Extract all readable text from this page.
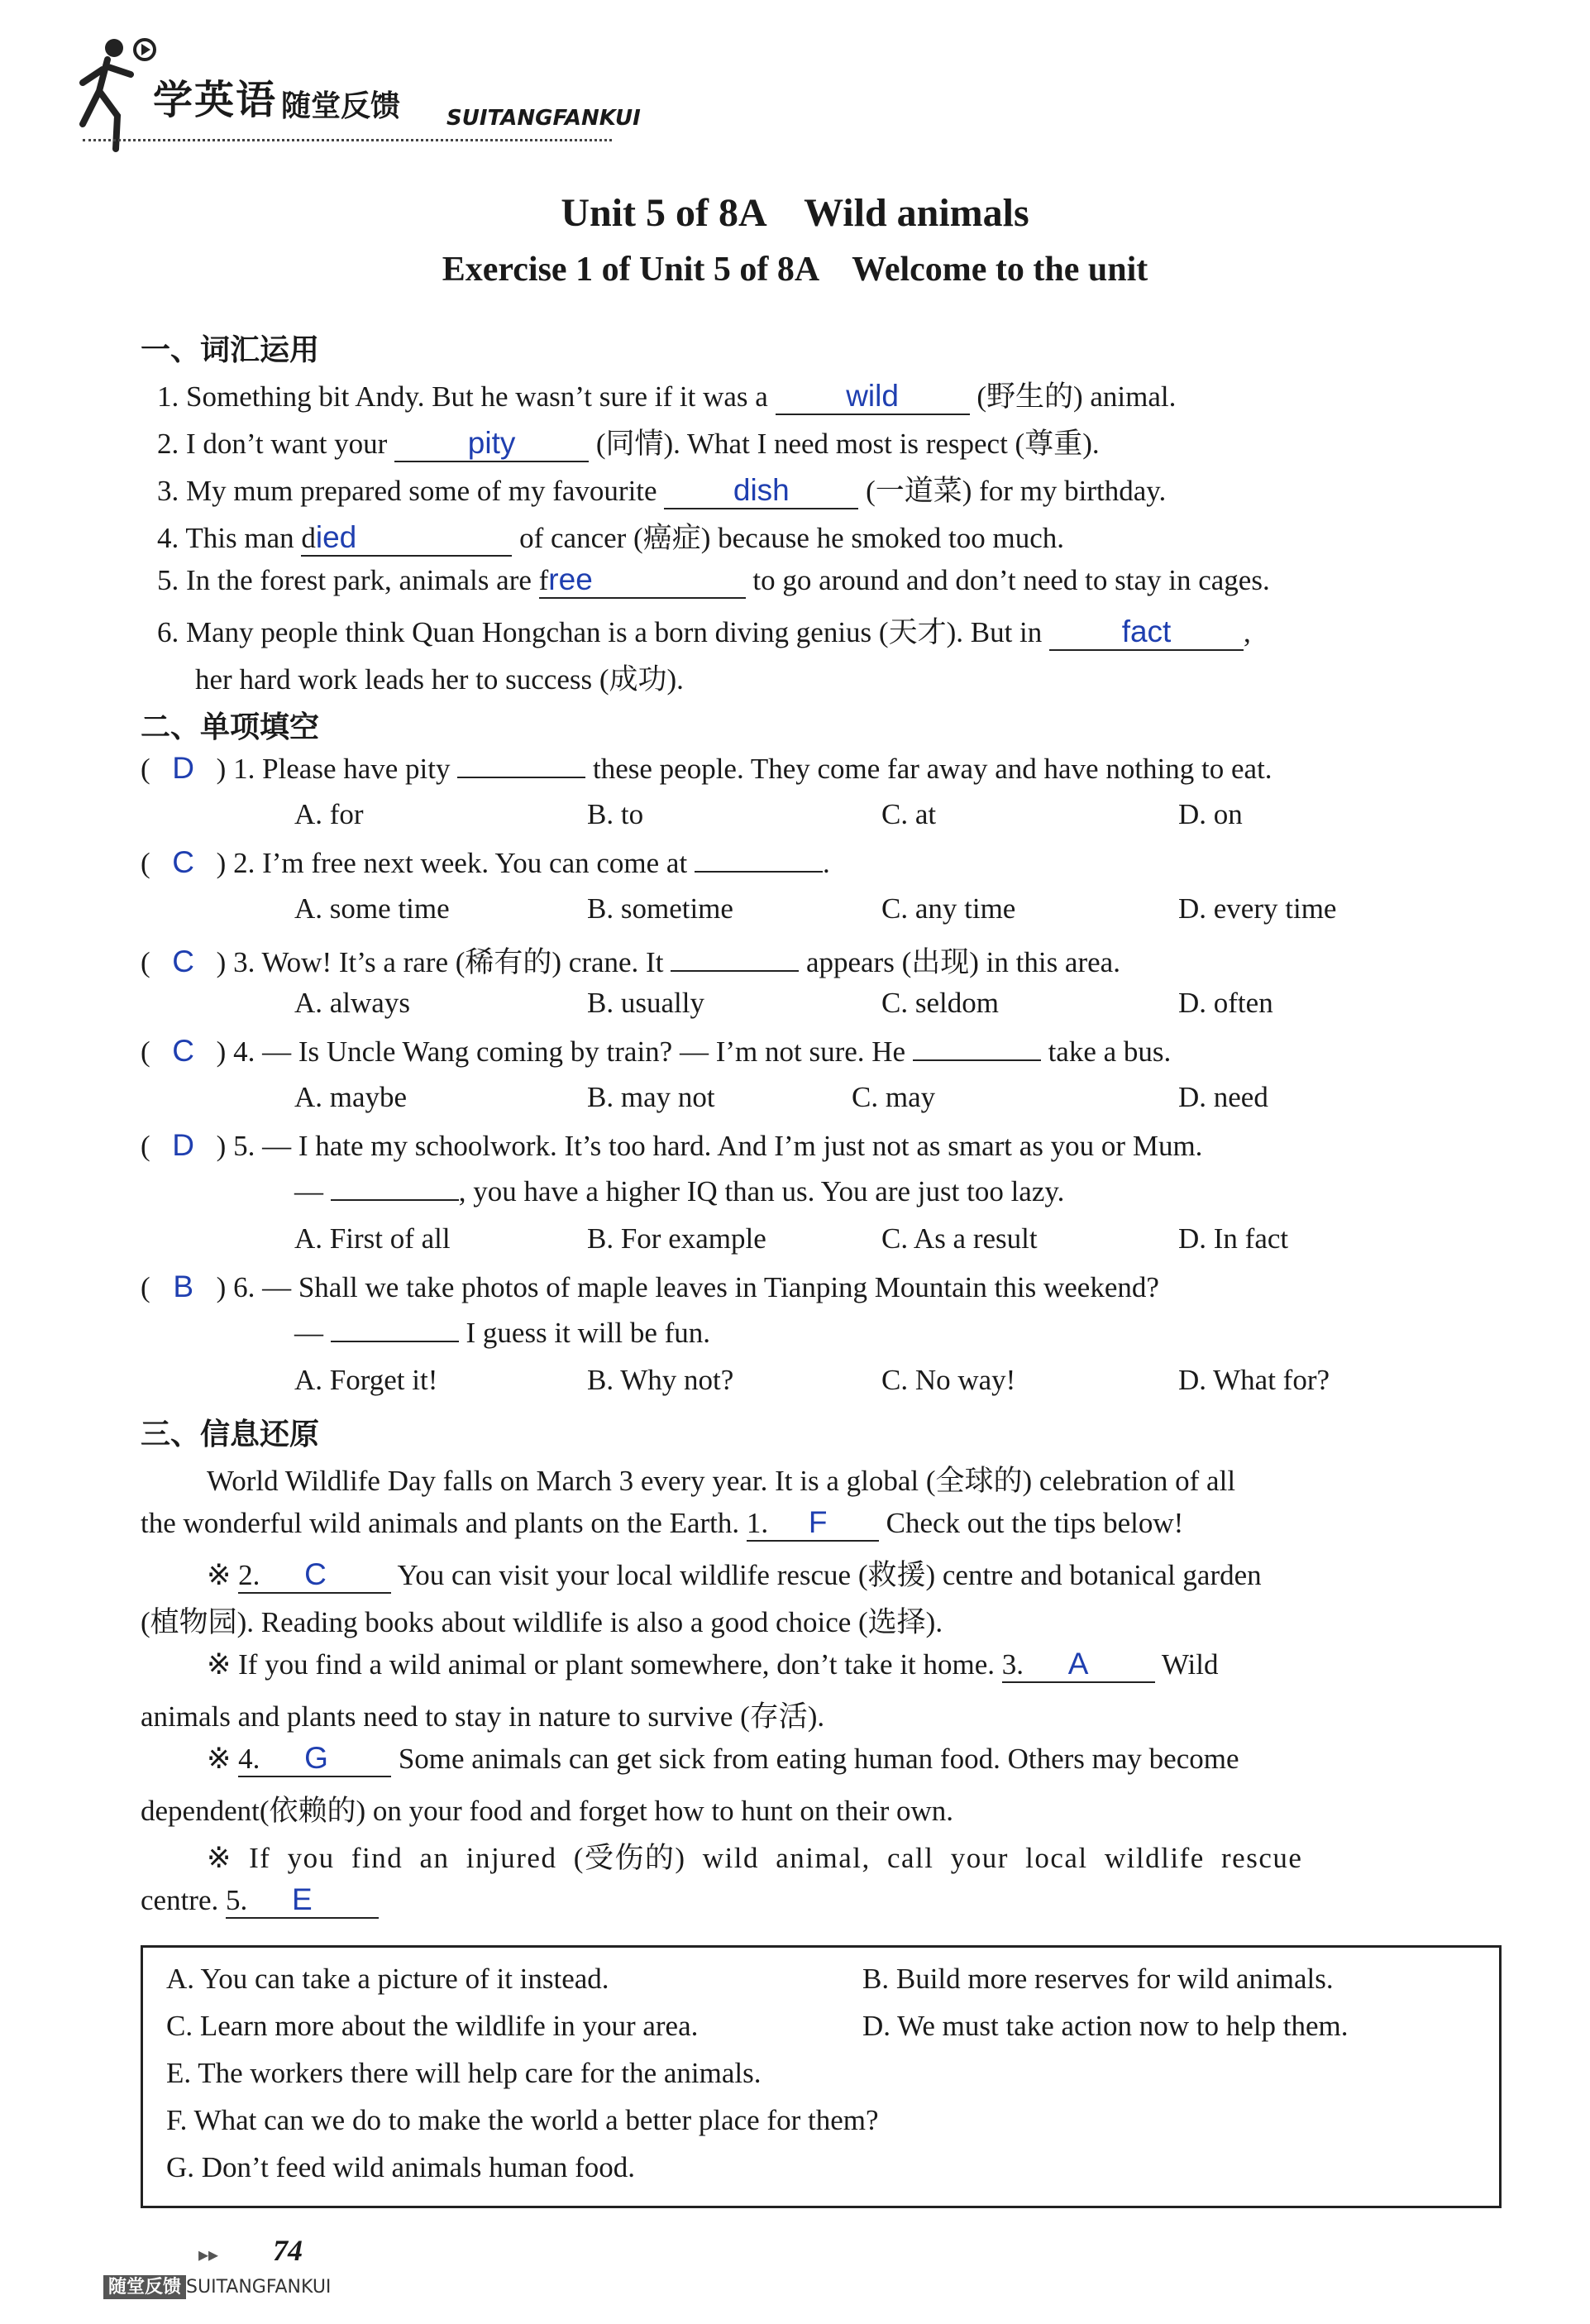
学英语 随堂反馈 SUITANGFANKUI
Unit 5 of 8A    Wild animals
Exercise 1 of Unit 5 of 8A    Welcome to the unit
一、词汇运用
1. Something bit Andy. But he wasn’t sure if it was a	wild	(野生的) animal.
2. I don’t want your	pity	(同情). What I need most is respect (尊重).
3. My mum prepared some of my favourite dish	(一道菜) for my birthday.
4. This man died	of cancer (癌症) because he smoked too much.
5. In the forest park, animals are free	to go around and don’t need to stay in cages.
6. Many people think Quan Hongchan is a born diving genius (天才). But in	fact	,
her hard work leads her to success (成功).
二、单项填空
( D ) 1. Please have pity	these people. They come far away and have nothing to eat.
A. for	B. to	C. at	D. on
( C ) 2. I’m free next week. You can come at	.
A. some time	B. sometime	C. any time	D. every time
( C ) 3. Wow! It’s a rare (稀有的) crane. It	appears (出现) in this area.
A. always	B. usually	C. seldom	D. often
( C ) 4. — Is Uncle Wang coming by train? — I’m not sure. He	take a bus.
A. maybe	B. may not	C. may	D. need
( D ) 5. — I hate my schoolwork. It’s too hard. And I’m just not as smart as you or Mum.
—	, you have a higher IQ than us. You are just too lazy.
A. First of all	B. For example	C. As a result	D. In fact
( B ) 6. — Shall we take photos of maple leaves in Tianping Mountain this weekend?
—	I guess it will be fun.
A. Forget it!	B. Why not?	C. No way!	D. What for?
三、信息还原
World Wildlife Day falls on March 3 every year. It is a global (全球的) celebration of all
the wonderful wild animals and plants on the Earth. 1. F Check out the tips below!
※ 2. C You can visit your local wildlife rescue (救援) centre and botanical garden
(植物园). Reading books about wildlife is also a good choice (选择).
※ If you find a wild animal or plant somewhere, don’t take it home. 3. A	Wild
animals and plants need to stay in nature to survive (存活).
※ 4. G Some animals can get sick from eating human food. Others may become
dependent(依赖的) on your food and forget how to hunt on their own.
※ If you find an injured (受伤的) wild animal, call your local wildlife rescue
centre. 5. E
A. You can take a picture of it instead.	B. Build more reserves for wild animals.
C. Learn more about the wildlife in your area.	D. We must take action now to help them.
E. The workers there will help care for the animals.
F. What can we do to make the world a better place for them?
G. Don’t feed wild animals human food.
▸▸ 74
随堂反馈 SUITANGFANKUI
